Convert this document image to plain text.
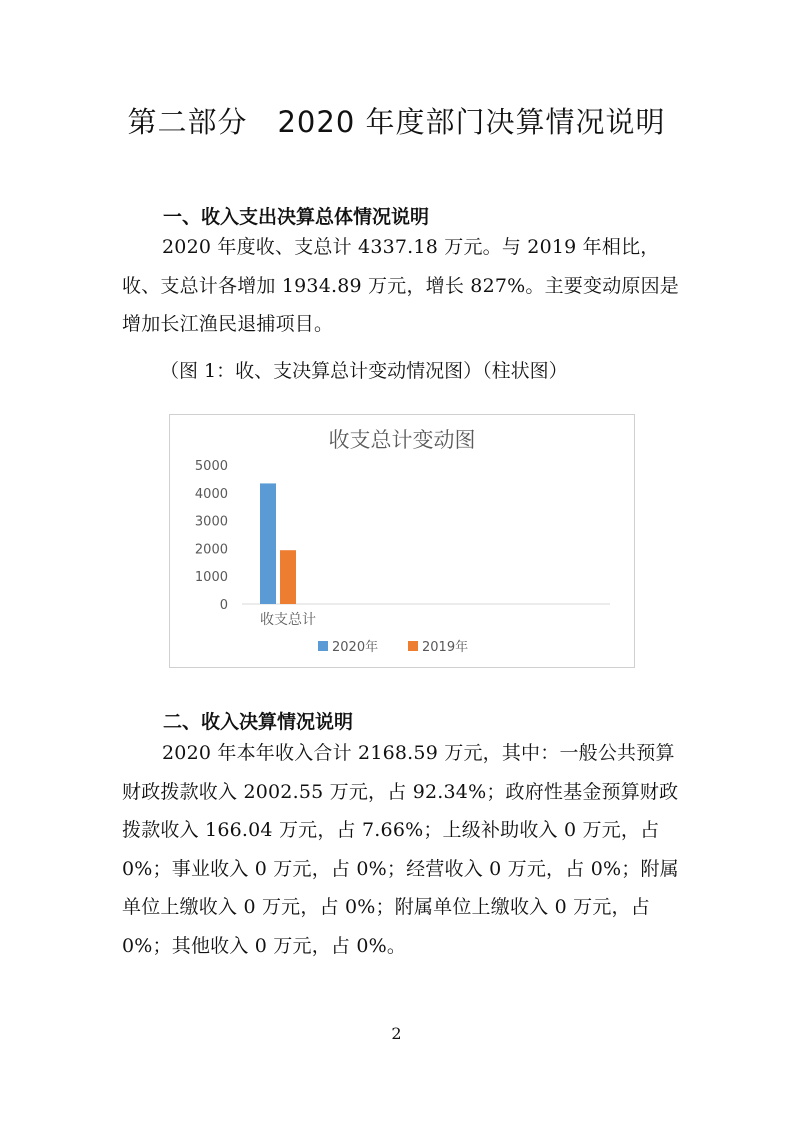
第二部分　2020 年度部门决算情况说明
一、收入支出决算总体情况说明

2020 年度收、支总计 4337.18 万元。与 2019 年相比，收、支总计各增加 1934.89 万元，增长 827%。主要变动原因是增加长江渔民退捕项目。

（图 1：收、支决算总计变动情况图）（柱状图）

收支总计变动图
0
1000
2000
3000
4000
5000
收支总计
2020年	2019年
二、收入决算情况说明

2020 年本年收入合计 2168.59 万元，其中：一般公共预算财政拨款收入 2002.55 万元，占 92.34%；政府性基金预算财政拨款收入 166.04 万元，占 7.66%；上级补助收入 0 万元，占 0%；事业收入 0 万元，占 0%；经营收入 0 万元，占 0%；附属单位上缴收入 0 万元，占 0%；附属单位上缴收入 0 万元，占 0%；其他收入 0 万元，占 0%。

2
